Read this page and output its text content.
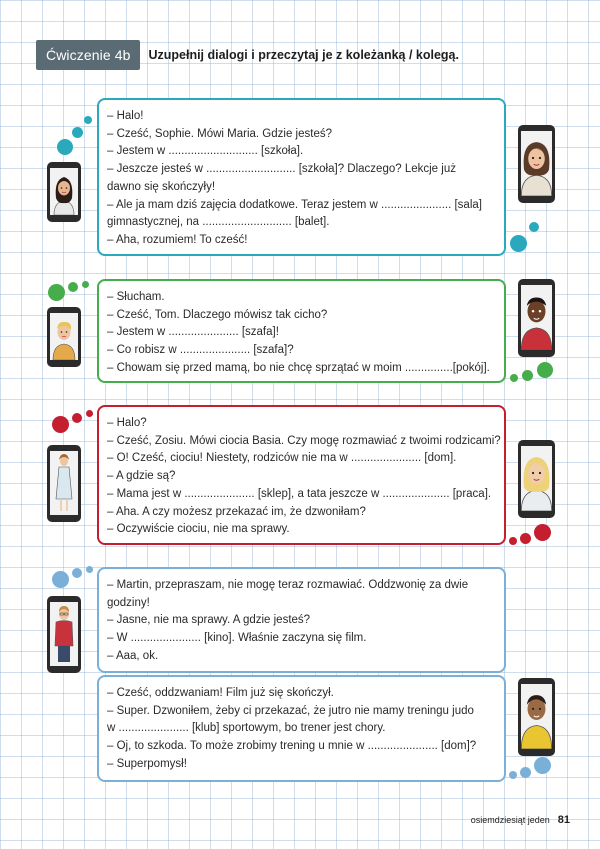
Ćwiczenie 4b	Uzupełnij dialogi i przeczytaj je z koleżanką / kolegą.
– Halo!
– Cześć, Sophie. Mówi Maria. Gdzie jesteś?
– Jestem w ............................ [szkoła].
– Jeszcze jesteś w ............................ [szkoła]? Dlaczego? Lekcje już
dawno się skończyły!
– Ale ja mam dziś zajęcia dodatkowe. Teraz jestem w ...................... [sala]
gimnastycznej, na ............................ [balet].
– Aha, rozumiem! To cześć!
– Słucham.
– Cześć, Tom. Dlaczego mówisz tak cicho?
– Jestem w ...................... [szafa]!
– Co robisz w ...................... [szafa]?
– Chowam się przed mamą, bo nie chcę sprzątać w moim ...............[pokój].
– Halo?
– Cześć, Zosiu. Mówi ciocia Basia. Czy mogę rozmawiać z twoimi rodzicami?
– O! Cześć, ciociu! Niestety, rodziców nie ma w ...................... [dom].
– A gdzie są?
– Mama jest w ...................... [sklep], a tata jeszcze w ..................... [praca].
– Aha. A czy możesz przekazać im, że dzwoniłam?
– Oczywiście ciociu, nie ma sprawy.
– Martin, przepraszam, nie mogę teraz rozmawiać. Oddzwonię za dwie
godziny!
– Jasne, nie ma sprawy. A gdzie jesteś?
– W ...................... [kino]. Właśnie zaczyna się film.
– Aaa, ok.
– Cześć, oddzwaniam! Film już się skończył.
– Super. Dzwoniłem, żeby ci przekazać, że jutro nie mamy treningu judo
w ...................... [klub] sportowym, bo trener jest chory.
– Oj, to szkoda. To może zrobimy trening u mnie w ...................... [dom]?
– Superpomysł!
osiemdziesiąt jeden 81
